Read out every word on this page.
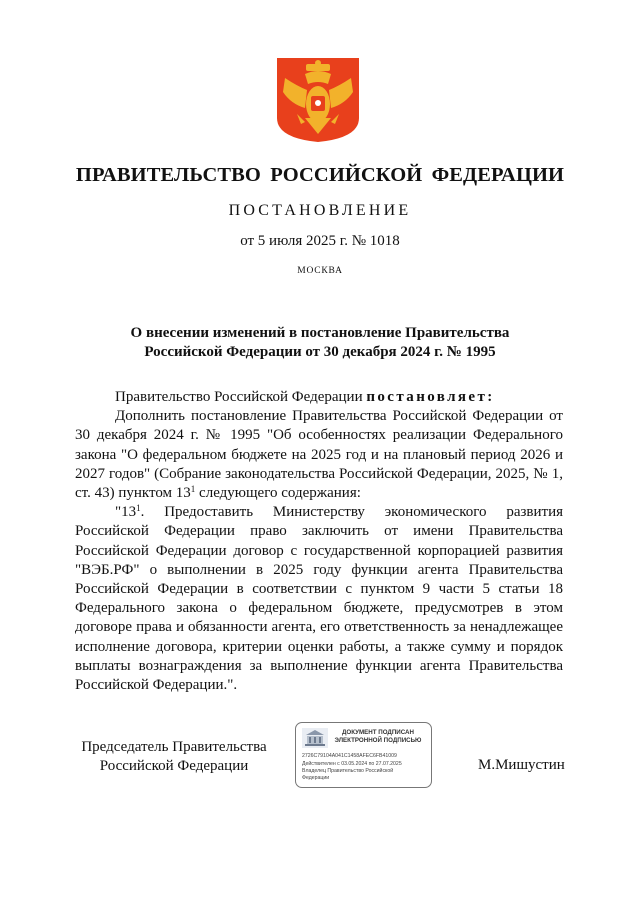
ПРАВИТЕЛЬСТВО РОССИЙСКОЙ ФЕДЕРАЦИИ
ПОСТАНОВЛЕНИЕ
от 5 июля 2025 г. № 1018
МОСКВА
О внесении изменений в постановление Правительства
Российской Федерации от 30 декабря 2024 г. № 1995

Правительство Российской Федерации постановляет:

Дополнить постановление Правительства Российской Федерации от 30 декабря 2024 г. № 1995 "Об особенностях реализации Федерального закона "О федеральном бюджете на 2025 год и на плановый период 2026 и 2027 годов" (Собрание законодательства Российской Федерации, 2025, № 1, ст. 43) пунктом $13^1$ следующего содержания:

"$13^1$. Предоставить Министерству экономического развития Российской Федерации право заключить от имени Правительства Российской Федерации договор с государственной корпорацией развития "ВЭБ.РФ" о выполнении в 2025 году функции агента Правительства Российской Федерации в соответствии с пунктом 9 части 5 статьи 18 Федерального закона о федеральном бюджете, предусмотрев в этом договоре права и обязанности агента, его ответственность за ненадлежащее исполнение договора, критерии оценки работы, а также сумму и порядок выплаты вознаграждения за выполнение функции агента Правительства Российской Федерации.".

Председатель Правительства
Российской Федерации
ДОКУМЕНТ ПОДПИСАН
ЭЛЕКТРОННОЙ ПОДПИСЬЮ
2726C79104A041C1458AFEC6FB41009
Действителен с 03.05.2024 по 27.07.2025
Владелец Правительство Российской
Федерации
М.Мишустин
